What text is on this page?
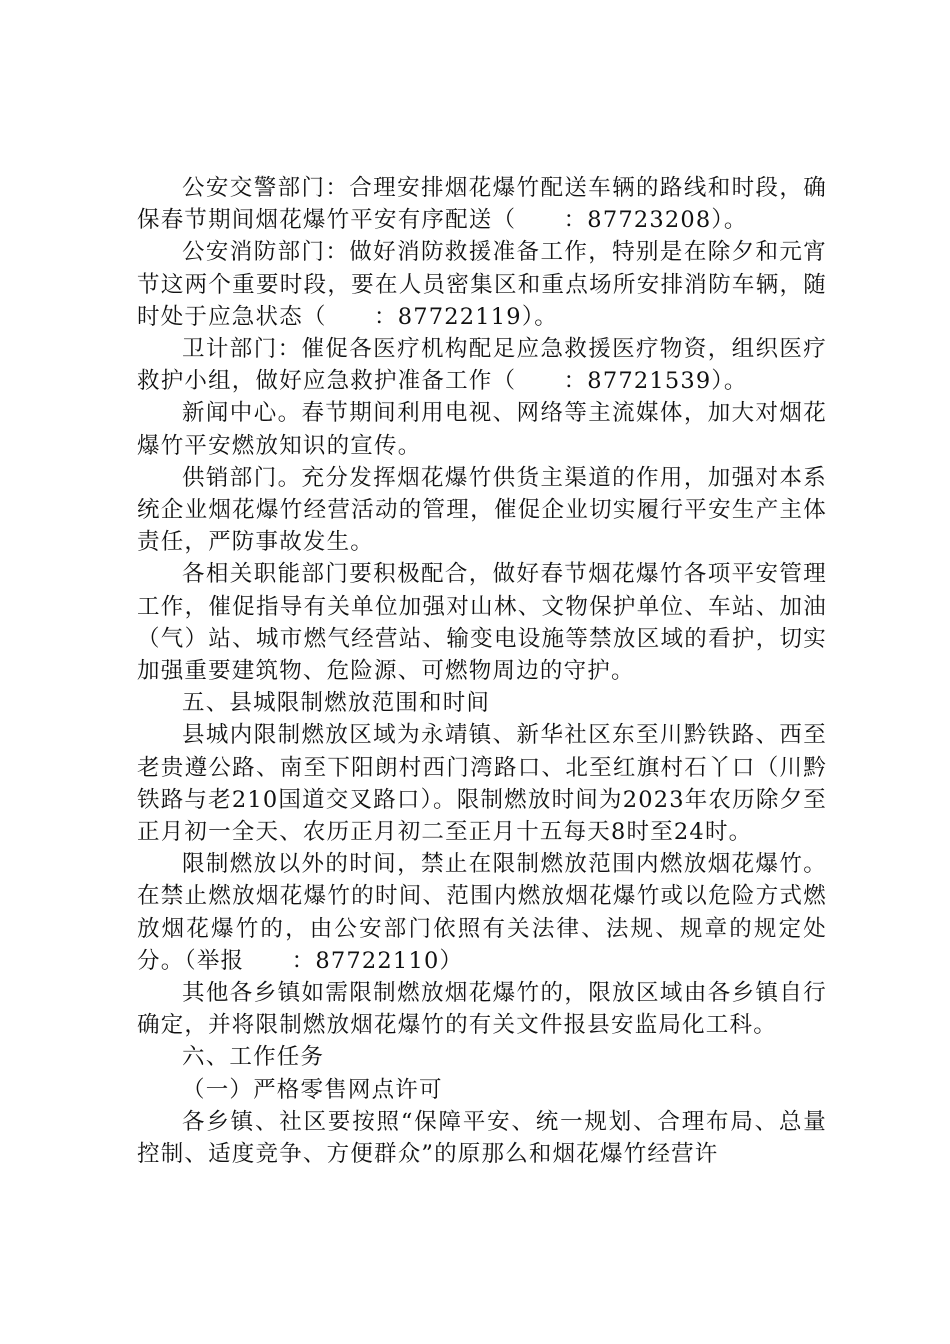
公安交警部门：合理安排烟花爆竹配送车辆的路线和时段，确保春节期间烟花爆竹平安有序配送（　　：87723208）。

公安消防部门：做好消防救援准备工作，特别是在除夕和元宵节这两个重要时段，要在人员密集区和重点场所安排消防车辆，随时处于应急状态（　　：87722119）。

卫计部门：催促各医疗机构配足应急救援医疗物资，组织医疗救护小组，做好应急救护准备工作（　　：87721539）。

新闻中心。春节期间利用电视、网络等主流媒体，加大对烟花爆竹平安燃放知识的宣传。

供销部门。充分发挥烟花爆竹供货主渠道的作用，加强对本系统企业烟花爆竹经营活动的管理，催促企业切实履行平安生产主体责任，严防事故发生。

各相关职能部门要积极配合，做好春节烟花爆竹各项平安管理工作，催促指导有关单位加强对山林、文物保护单位、车站、加油（气）站、城市燃气经营站、输变电设施等禁放区域的看护，切实加强重要建筑物、危险源、可燃物周边的守护。

五、县城限制燃放范围和时间

县城内限制燃放区域为永靖镇、新华社区东至川黔铁路、西至老贵遵公路、南至下阳朗村西门湾路口、北至红旗村石丫口（川黔铁路与老210国道交叉路口）。限制燃放时间为2023年农历除夕至正月初一全天、农历正月初二至正月十五每天8时至24时。

限制燃放以外的时间，禁止在限制燃放范围内燃放烟花爆竹。在禁止燃放烟花爆竹的时间、范围内燃放烟花爆竹或以危险方式燃放烟花爆竹的，由公安部门依照有关法律、法规、规章的规定处分。（举报　　：87722110）

其他各乡镇如需限制燃放烟花爆竹的，限放区域由各乡镇自行确定，并将限制燃放烟花爆竹的有关文件报县安监局化工科。

六、工作任务

（一）严格零售网点许可

各乡镇、社区要按照“保障平安、统一规划、合理布局、总量控制、适度竞争、方便群众”的原那么和烟花爆竹经营许
